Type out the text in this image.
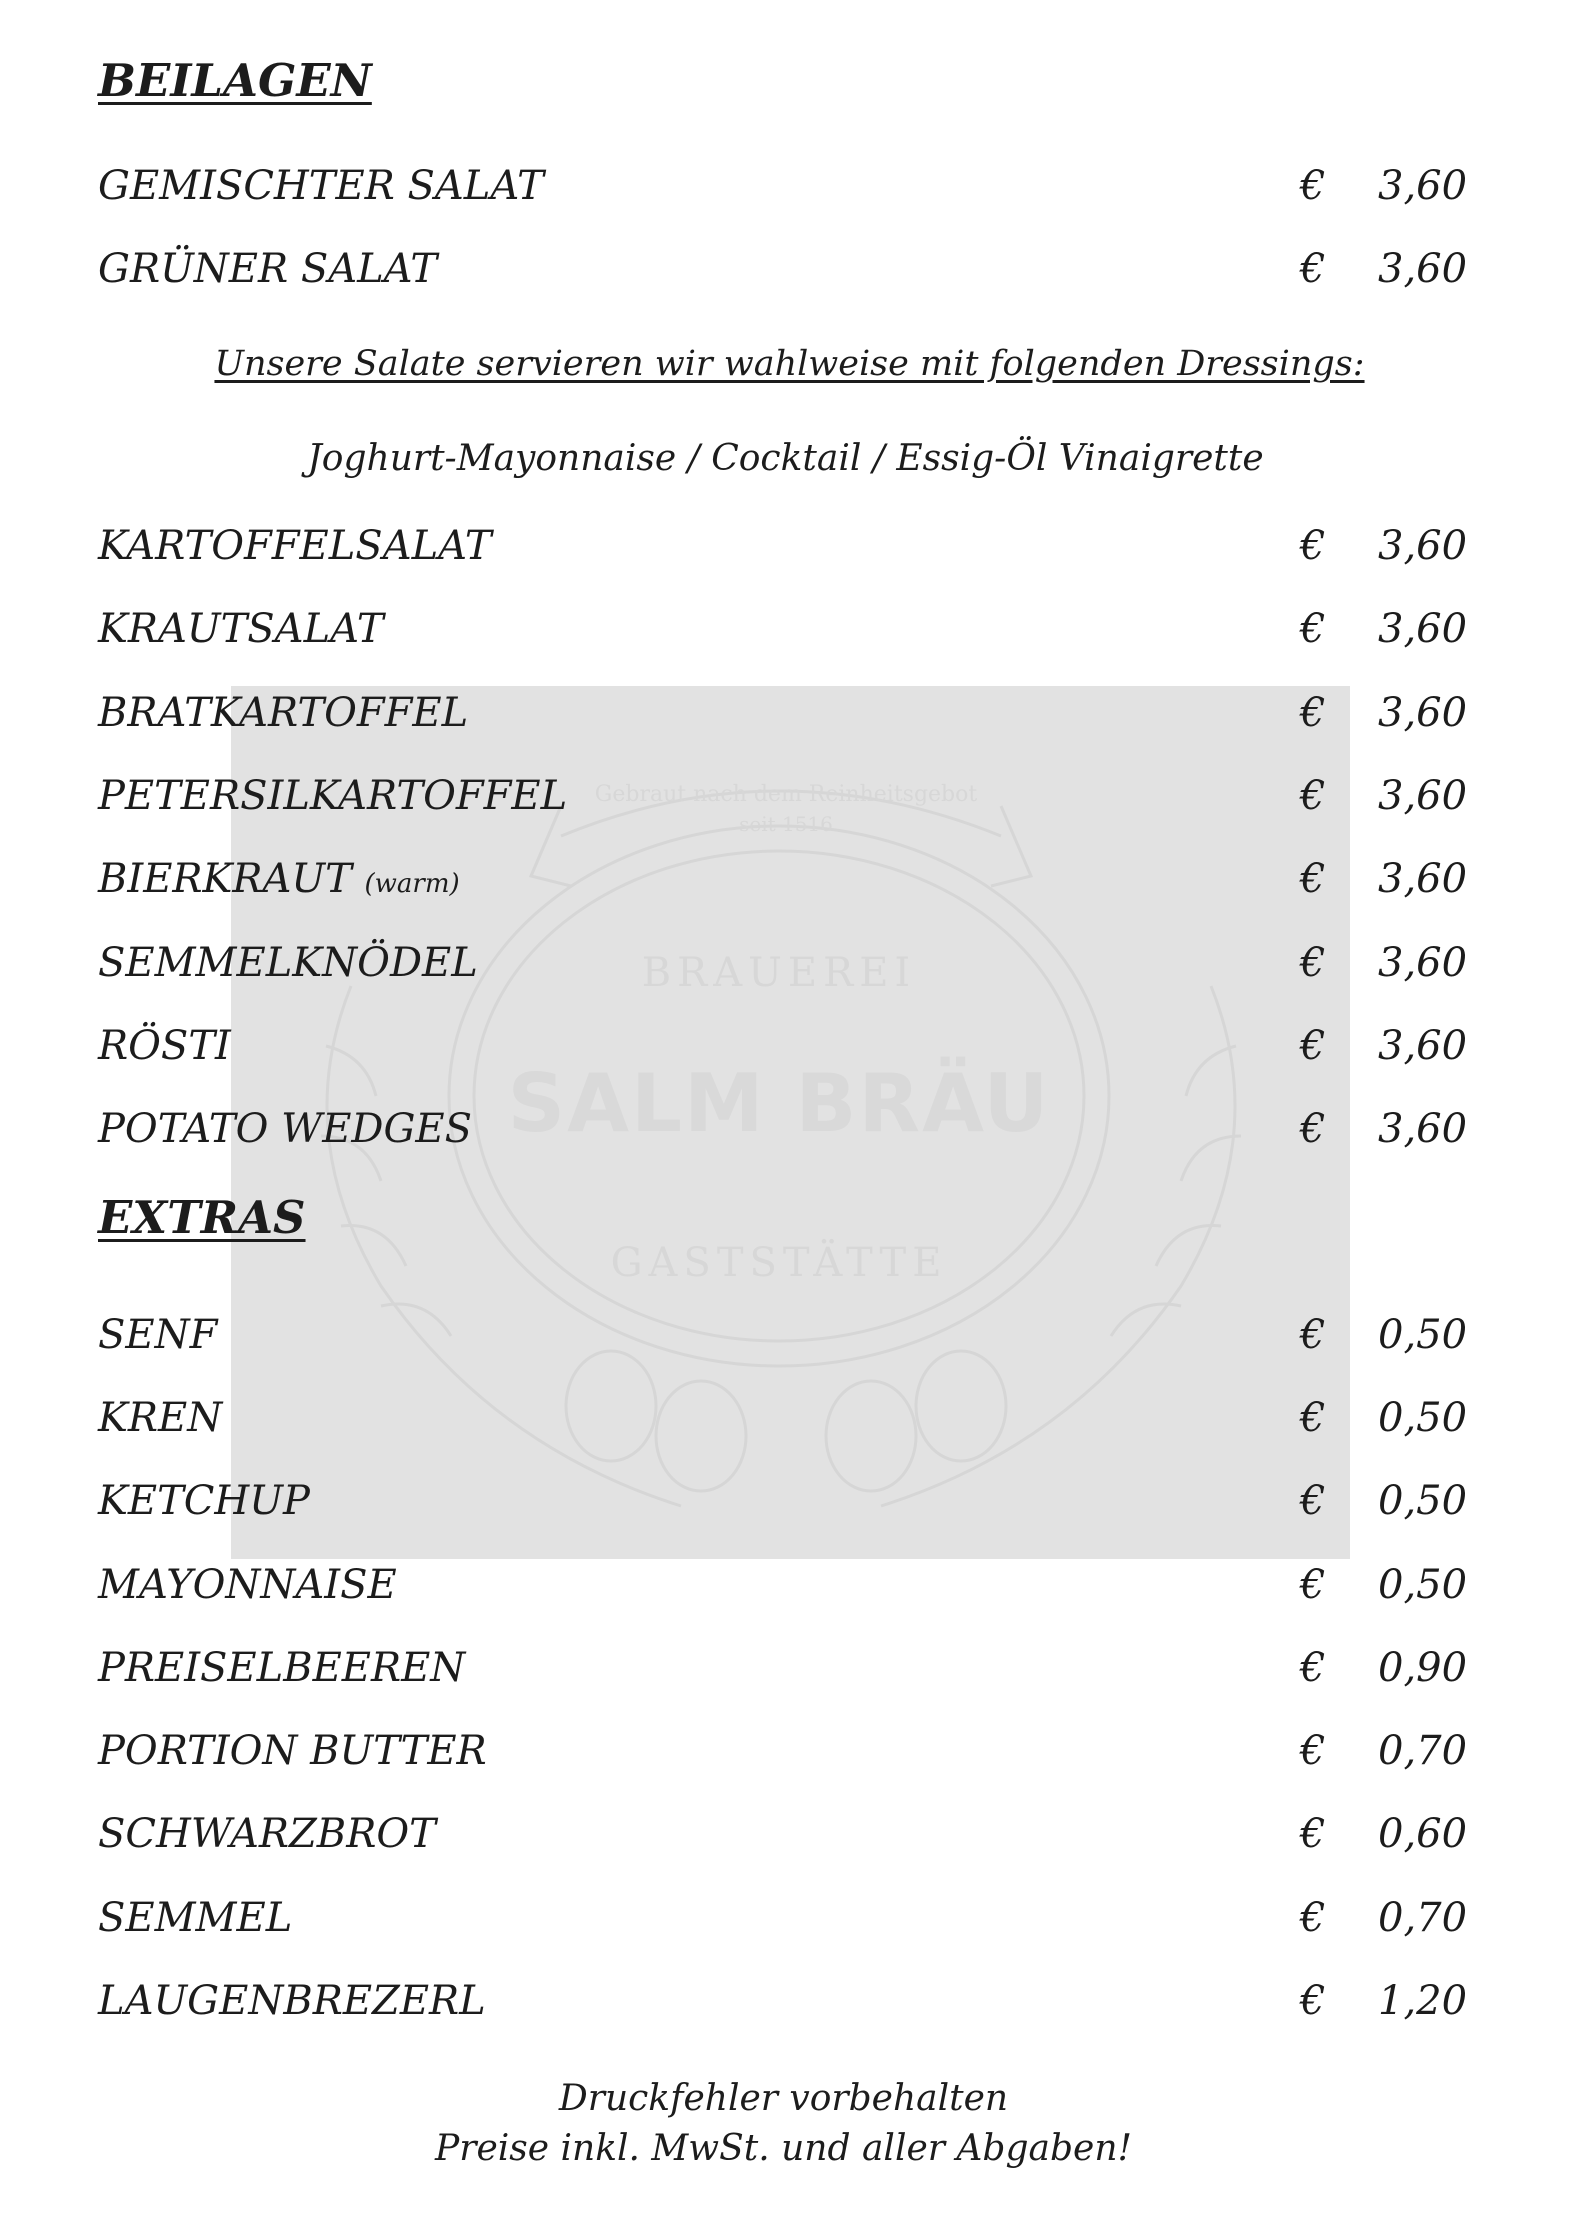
Gebraut nach dem Reinheitsgebot
seit 1516
BRAUEREI
SALM BRÄU
GASTSTÄTTE
BEILAGEN
GEMISCHTER SALAT	€ 3,60
GRÜNER SALAT	€ 3,60
Unsere Salate servieren wir wahlweise mit folgenden Dressings:
Joghurt-Mayonnaise / Cocktail / Essig-Öl Vinaigrette
KARTOFFELSALAT	€ 3,60
KRAUTSALAT	€ 3,60
BRATKARTOFFEL	€ 3,60
PETERSILKARTOFFEL	€ 3,60
BIERKRAUT (warm)	€ 3,60
SEMMELKNÖDEL	€ 3,60
RÖSTI	€ 3,60
POTATO WEDGES	€ 3,60
EXTRAS
SENF	€ 0,50
KREN	€ 0,50
KETCHUP	€ 0,50
MAYONNAISE	€ 0,50
PREISELBEEREN	€ 0,90
PORTION BUTTER	€ 0,70
SCHWARZBROT	€ 0,60
SEMMEL	€ 0,70
LAUGENBREZERL	€ 1,20
Druckfehler vorbehalten
Preise inkl. MwSt. und aller Abgaben!
